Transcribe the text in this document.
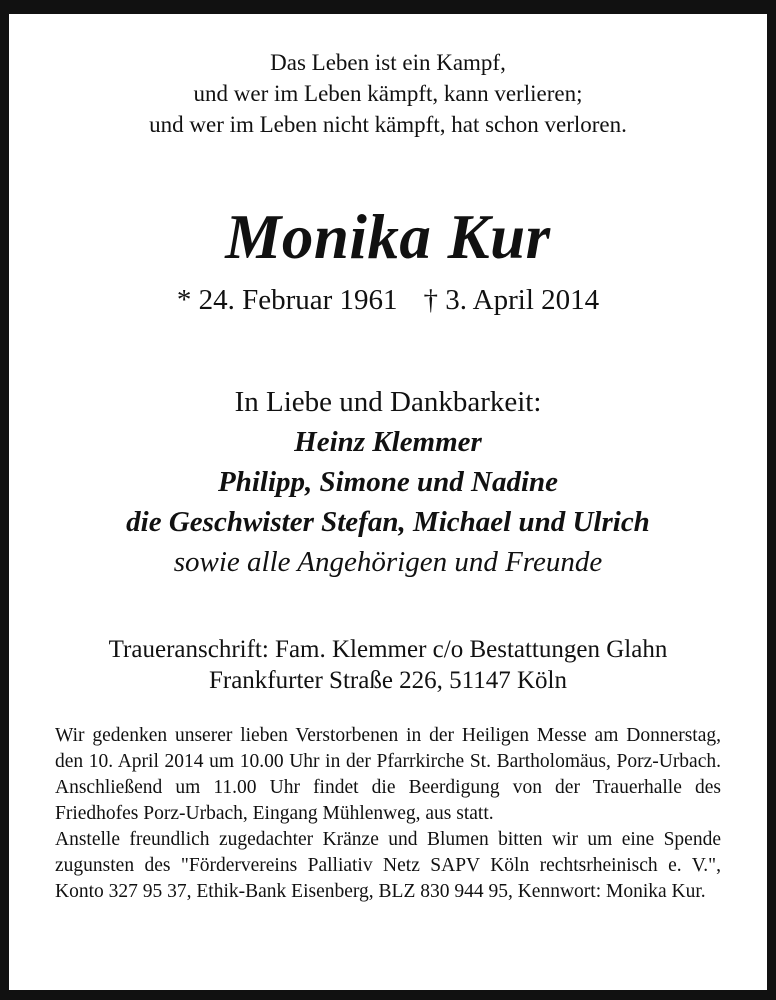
Das Leben ist ein Kampf,
und wer im Leben kämpft, kann verlieren;
und wer im Leben nicht kämpft, hat schon verloren.
Monika Kur
* 24. Februar 1961 † 3. April 2014
In Liebe und Dankbarkeit:
Heinz Klemmer
Philipp, Simone und Nadine
die Geschwister Stefan, Michael und Ulrich
sowie alle Angehörigen und Freunde
Traueranschrift: Fam. Klemmer c/o Bestattungen Glahn
Frankfurter Straße 226, 51147 Köln

Wir gedenken unserer lieben Verstorbenen in der Heiligen Messe am Donnerstag, den 10. April 2014 um 10.00 Uhr in der Pfarrkirche St. Bartholomäus, Porz-Urbach. Anschließend um 11.00 Uhr findet die Beerdigung von der Trauerhalle des Friedhofes Porz-Urbach, Eingang Mühlenweg, aus statt.

Anstelle freundlich zugedachter Kränze und Blumen bitten wir um eine Spende zugunsten des "Fördervereins Palliativ Netz SAPV Köln rechtsrheinisch e. V.", Konto 327 95 37, Ethik-Bank Eisenberg, BLZ 830 944 95, Kennwort: Monika Kur.
